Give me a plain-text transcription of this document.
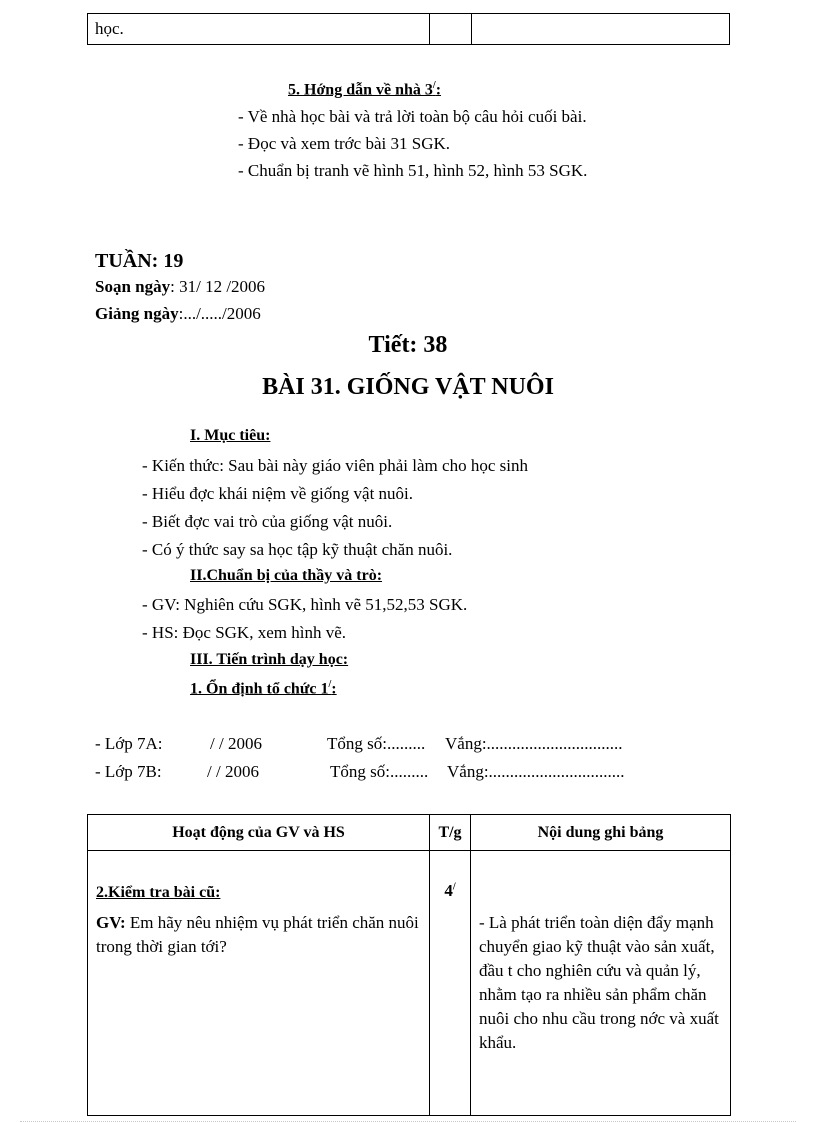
học.		
5. Hớng dẫn về nhà 3/:
- Về nhà học bài và trả lời toàn bộ câu hỏi cuối bài.
- Đọc và xem trớc bài 31 SGK.
- Chuẩn bị tranh vẽ hình 51, hình 52, hình 53 SGK.
TUẦN: 19
Soạn ngày: 31/ 12 /2006
Giảng ngày:.../...../2006
Tiết: 38
BÀI 31. GIỐNG VẬT NUÔI
I. Mục tiêu:
- Kiến thức: Sau bài này giáo viên phải làm cho học sinh
- Hiểu đợc khái niệm về giống vật nuôi.
- Biết đợc vai trò của giống vật nuôi.
- Có ý thức say sa học tập kỹ thuật chăn nuôi.
II.Chuẩn bị của thầy và trò:
- GV: Nghiên cứu SGK, hình vẽ 51,52,53 SGK.
- HS: Đọc SGK, xem hình vẽ.
III. Tiến trình dạy học:
1. Ổn định tổ chức 1/:
- Lớp 7A:	/ / 2006	Tổng số:......... Vắng:................................
- Lớp 7B:	/ / 2006	Tổng số:......... Vắng:................................
Hoạt động của GV và HS	T/g	Nội dung ghi bảng

2.Kiểm tra bài cũ:
GV: Em hãy nêu nhiệm vụ phát triển chăn nuôi trong thời gian tới?	4/	- Là phát triển toàn diện đẩy mạnh chuyển giao kỹ thuật vào sản xuất, đầu t cho nghiên cứu và quản lý, nhằm tạo ra nhiều sản phẩm chăn nuôi cho nhu cầu trong nớc và xuất khẩu.
